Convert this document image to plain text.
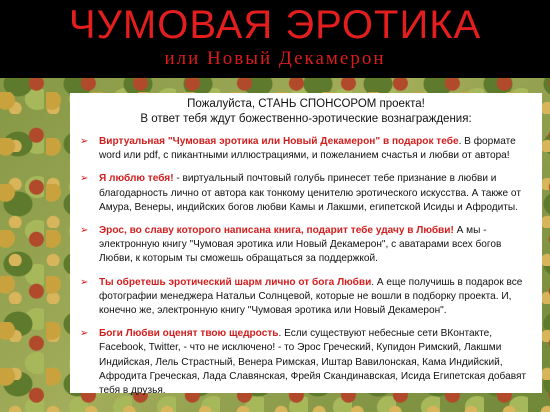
ЧУМОВАЯ ЭРОТИКА
или Новый Декамерон
Пожалуйста, СТАНЬ СПОНСОРОМ проекта!
В ответ тебя ждут божественно-эротические вознаграждения:
➢ Виртуальная "Чумовая эротика или Новый Декамерон" в подарок тебе. В формате word или pdf, с пикантными иллюстрациями, и пожеланием счастья и любви от автора!
➢ Я люблю тебя! - виртуальный почтовый голубь принесет тебе признание в любви и благодарность лично от автора как тонкому ценителю эротического искусства. А также от Амура, Венеры, индийских богов любви Камы и Лакшми, египетской Исиды и Афродиты.
➢ Эрос, во славу которого написана книга, подарит тебе удачу в Любви! А мы - электронную книгу "Чумовая эротика или Новый Декамерон", с аватарами всех богов Любви, к которым ты сможешь обращаться за поддержкой.
➢ Ты обретешь эротический шарм лично от бога Любви. А еще получишь в подарок все фотографии менеджера Натальи Солнцевой, которые не вошли в подборку проекта. И, конечно же, электронную книгу "Чумовая эротика или Новый Декамерон".
➢ Боги Любви оценят твою щедрость. Если существуют небесные сети ВКонтакте, Facebook, Twitter, - что не исключено! - то Эрос Греческий, Купидон Римский, Лакшми Индийская, Лель Страстный, Венера Римская, Иштар Вавилонская, Кама Индийский, Афродита Греческая, Лада Славянская, Фрейя Скандинавская, Исида Египетская добавят тебя в друзья.
